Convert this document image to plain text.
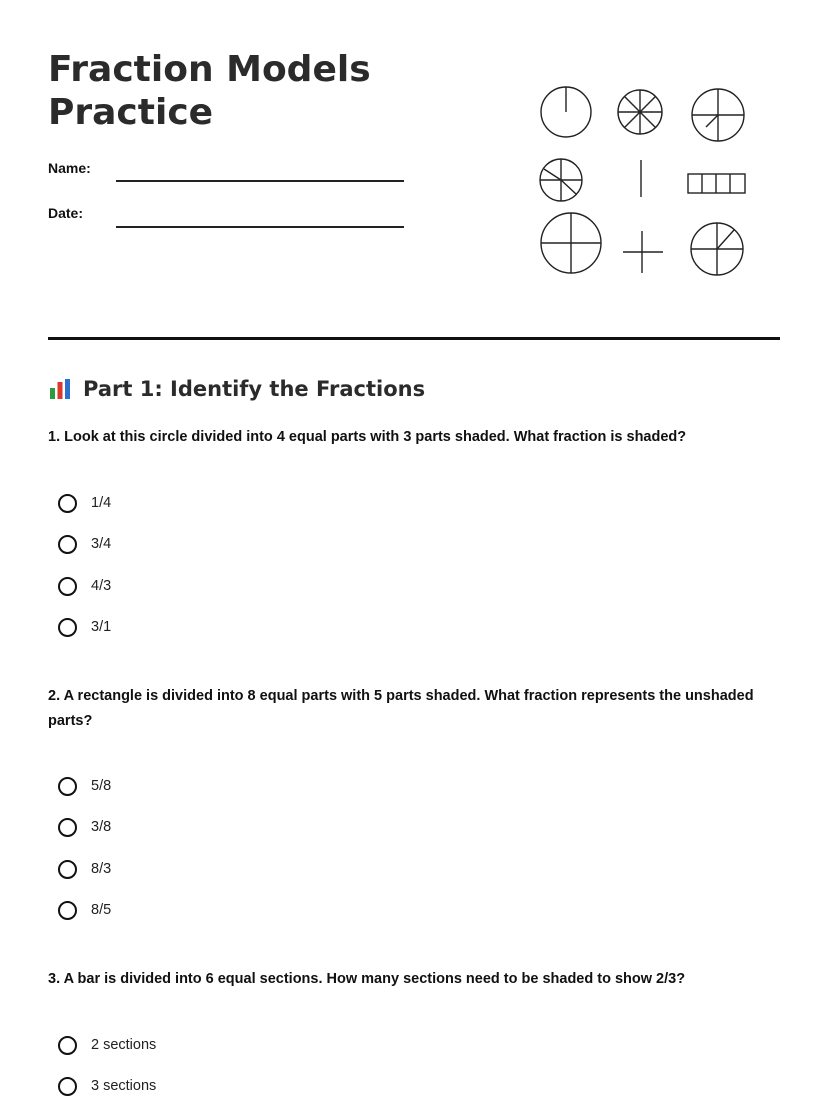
Fraction Models Practice
Name:
Date:
Part 1: Identify the Fractions

1. Look at this circle divided into 4 equal parts with 3 parts shaded. What fraction is shaded?

1/4
3/4
4/3
3/1

2. A rectangle is divided into 8 equal parts with 5 parts shaded. What fraction represents the unshaded parts?

5/8
3/8
8/3
8/5

3. A bar is divided into 6 equal sections. How many sections need to be shaded to show 2/3?

2 sections
3 sections
